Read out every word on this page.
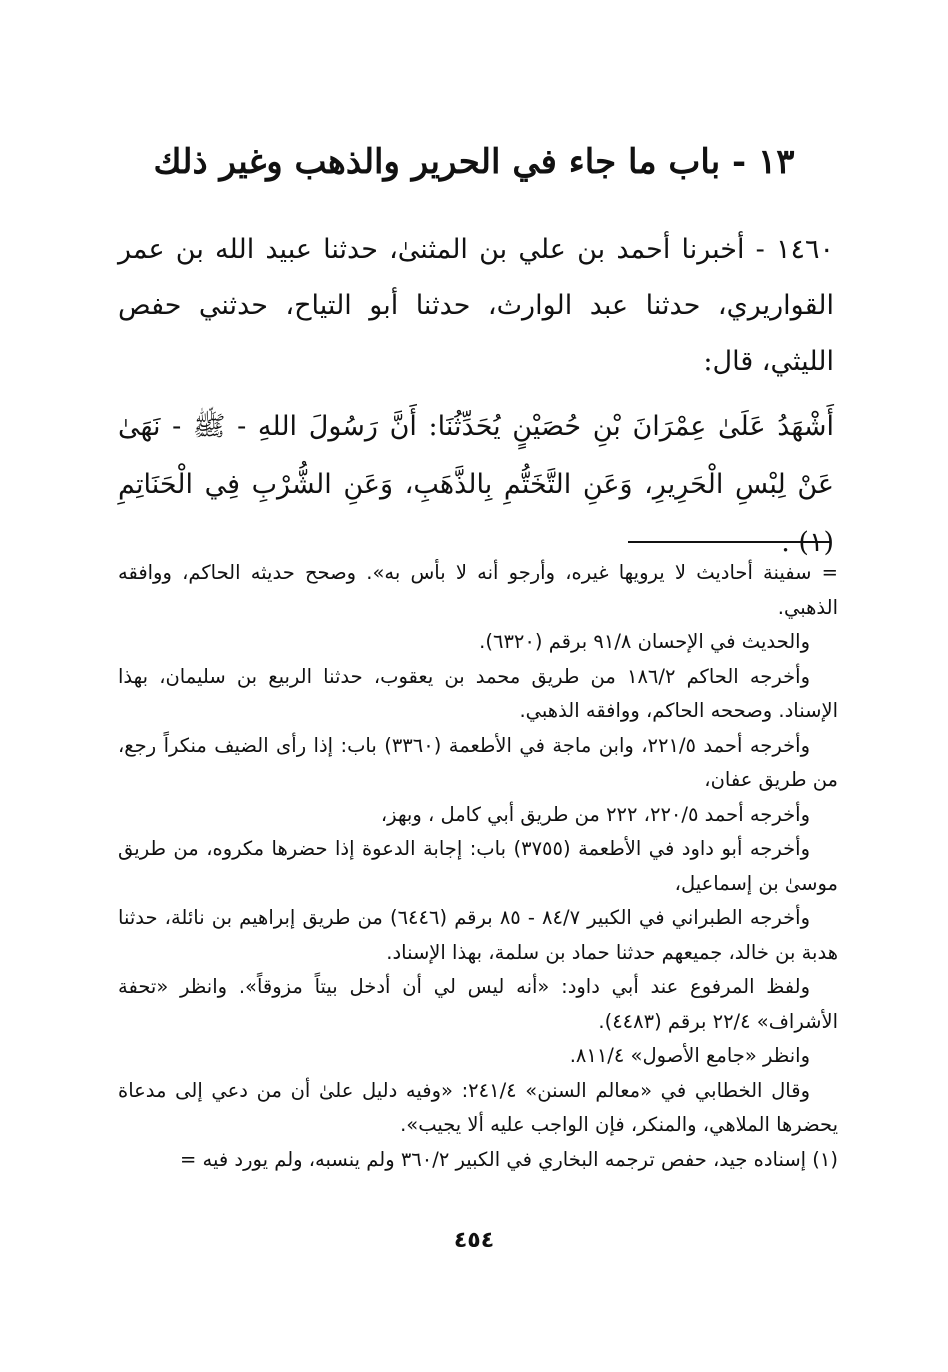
١٣ - باب ما جاء في الحرير والذهب وغير ذلك
١٤٦٠ - أخبرنا أحمد بن علي بن المثنىٰ، حدثنا عبيد الله بن عمر القواريري، حدثنا عبد الوارث، حدثنا أبو التياح، حدثني حفص الليثي، قال:
أَشْهَدُ عَلَىٰ عِمْرَانَ بْنِ حُصَيْنٍ يُحَدِّثُنَا: أَنَّ رَسُولَ اللهِ - ﷺ - نَهَىٰ عَنْ لِبْسِ الْحَرِيرِ، وَعَنِ التَّخَتُّمِ بِالذَّهَبِ، وَعَنِ الشُّرْبِ فِي الْحَنَاتِمِ (١) .

= سفينة أحاديث لا يرويها غيره، وأرجو أنه لا بأس به». وصحح حديثه الحاكم، ووافقه الذهبي.

والحديث في الإحسان ٩١/٨ برقم (٦٣٢٠).

وأخرجه الحاكم ١٨٦/٢ من طريق محمد بن يعقوب، حدثنا الربيع بن سليمان، بهذا الإسناد. وصححه الحاكم، ووافقه الذهبي.

وأخرجه أحمد ٢٢١/٥، وابن ماجة في الأطعمة (٣٣٦٠) باب: إذا رأى الضيف منكراً رجع، من طريق عفان،

وأخرجه أحمد ٢٢٠/٥، ٢٢٢ من طريق أبي كامل ، وبهز،

وأخرجه أبو داود في الأطعمة (٣٧٥٥) باب: إجابة الدعوة إذا حضرها مكروه، من طريق موسىٰ بن إسماعيل،

وأخرجه الطبراني في الكبير ٨٤/٧ - ٨٥ برقم (٦٤٤٦) من طريق إبراهيم بن نائلة، حدثنا هدبة بن خالد، جميعهم حدثنا حماد بن سلمة، بهذا الإسناد.

ولفظ المرفوع عند أبي داود: «أنه ليس لي أن أدخل بيتاً مزوقاً». وانظر «تحفة الأشراف» ٢٢/٤ برقم (٤٤٨٣).

وانظر «جامع الأصول» ٨١١/٤.

وقال الخطابي في «معالم السنن» ٢٤١/٤: «وفيه دليل علىٰ أن من دعي إلى مدعاة يحضرها الملاهي، والمنكر، فإن الواجب عليه ألا يجيب».

(١) إسناده جيد، حفص ترجمه البخاري في الكبير ٣٦٠/٢ ولم ينسبه، ولم يورد فيه =

٤٥٤
